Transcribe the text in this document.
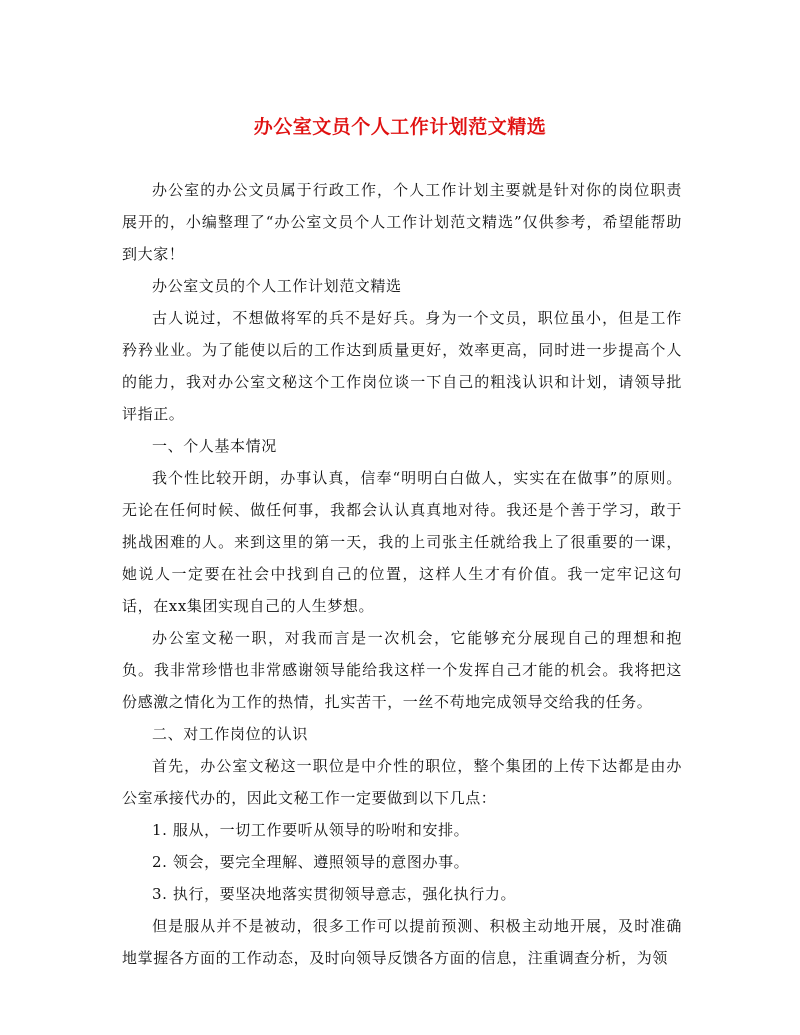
办公室文员个人工作计划范文精选

办公室的办公文员属于行政工作，个人工作计划主要就是针对你的岗位职责展开的，小编整理了“办公室文员个人工作计划范文精选”仅供参考，希望能帮助到大家！

办公室文员的个人工作计划范文精选

古人说过，不想做将军的兵不是好兵。身为一个文员，职位虽小，但是工作矜矜业业。为了能使以后的工作达到质量更好，效率更高，同时进一步提高个人的能力，我对办公室文秘这个工作岗位谈一下自己的粗浅认识和计划，请领导批评指正。

一、个人基本情况

我个性比较开朗，办事认真，信奉“明明白白做人，实实在在做事”的原则。无论在任何时候、做任何事，我都会认认真真地对待。我还是个善于学习，敢于挑战困难的人。来到这里的第一天，我的上司张主任就给我上了很重要的一课，她说人一定要在社会中找到自己的位置，这样人生才有价值。我一定牢记这句话，在xx集团实现自己的人生梦想。

办公室文秘一职，对我而言是一次机会，它能够充分展现自己的理想和抱负。我非常珍惜也非常感谢领导能给我这样一个发挥自己才能的机会。我将把这份感激之情化为工作的热情，扎实苦干，一丝不苟地完成领导交给我的任务。

二、对工作岗位的认识

首先，办公室文秘这一职位是中介性的职位，整个集团的上传下达都是由办公室承接代办的，因此文秘工作一定要做到以下几点：

1. 服从，一切工作要听从领导的吩咐和安排。

2. 领会，要完全理解、遵照领导的意图办事。

3. 执行，要坚决地落实贯彻领导意志，强化执行力。

但是服从并不是被动，很多工作可以提前预测、积极主动地开展，及时准确地掌握各方面的工作动态，及时向领导反馈各方面的信息，注重调查分析，为领
